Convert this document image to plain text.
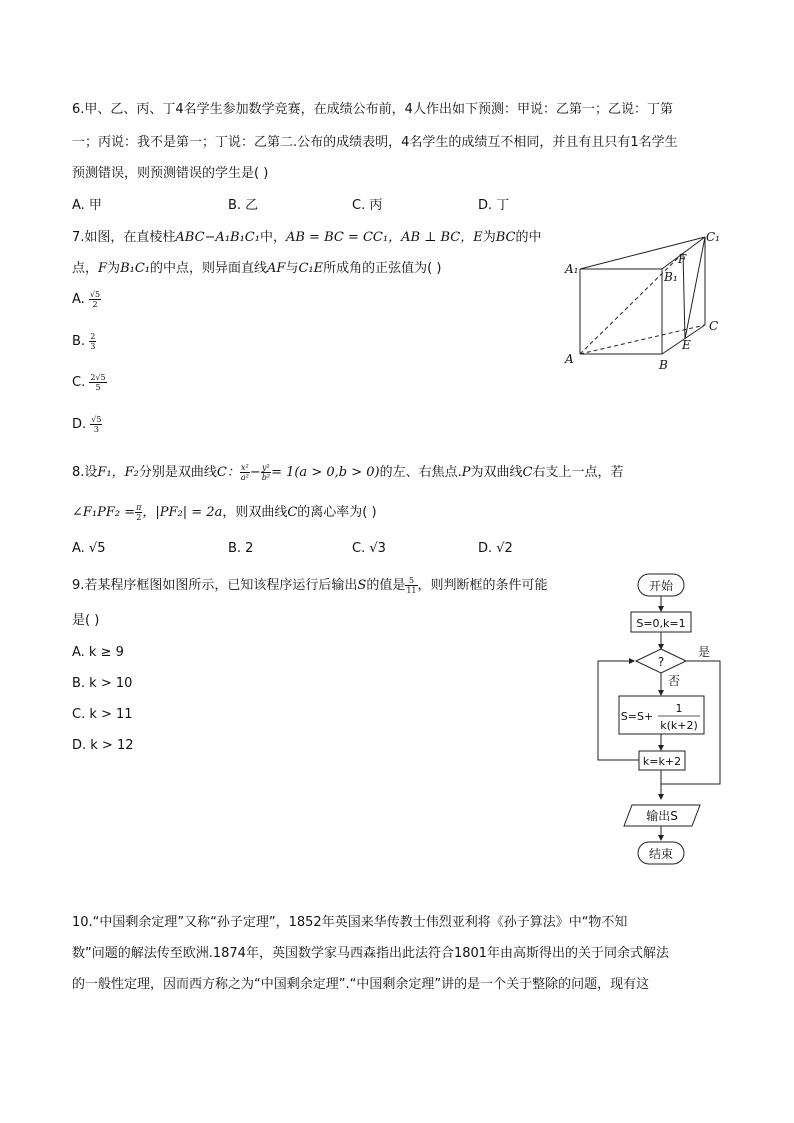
6.甲、乙、丙、丁4名学生参加数学竞赛，在成绩公布前，4人作出如下预测：甲说：乙第一；乙说：丁第
一；丙说：我不是第一；丁说：乙第二.公布的成绩表明，4名学生的成绩互不相同，并且有且只有1名学生
预测错误，则预测错误的学生是( )
A. 甲	B. 乙	C. 丙	D. 丁
7.如图，在直棱柱ABC−A₁B₁C₁中，AB = BC = CC₁，AB ⊥ BC，E为BC的中
点，F为B₁C₁的中点，则异面直线AF与C₁E所成角的正弦值为( )
A. $\frac{√5}{2}$
B. $\frac{2}{3}$
C. $\frac{2√5}{5}$
D. $\frac{√5}{3}$
C₁
A₁
B₁
F
C
E
A	B
8.设F₁，F₂分别是双曲线C： $\frac{\text{x²}}{\text{a²}} - \frac{\text{y²}}{\text{b²}} = 1(a > 0,b > 0)$的左、右焦点.P为双曲线C右支上一点，若
∠F₁PF₂ = $\frac{\pi}{2}$ ，|PF₂| = 2a，则双曲线C的离心率为( )
A. √5	B. 2	C. √3	D. √2
9.若某程序框图如图所示，已知该程序运行后输出S的值是 $\frac{5}{11}$ ，则判断框的条件可能
是( )
A. k ≥ 9
B. k > 10
C. k > 11
D. k > 12
开始
S=0,k=1
?
是
否
S=S+
1
k(k+2)
k=k+2
输出S
结束
10.“中国剩余定理”又称“孙子定理”，1852年英国来华传教士伟烈亚利将《孙子算法》中“物不知
数”问题的解法传至欧洲.1874年，英国数学家马西森指出此法符合1801年由高斯得出的关于同余式解法
的一般性定理，因而西方称之为“中国剩余定理”.“中国剩余定理”讲的是一个关于整除的问题，现有这
